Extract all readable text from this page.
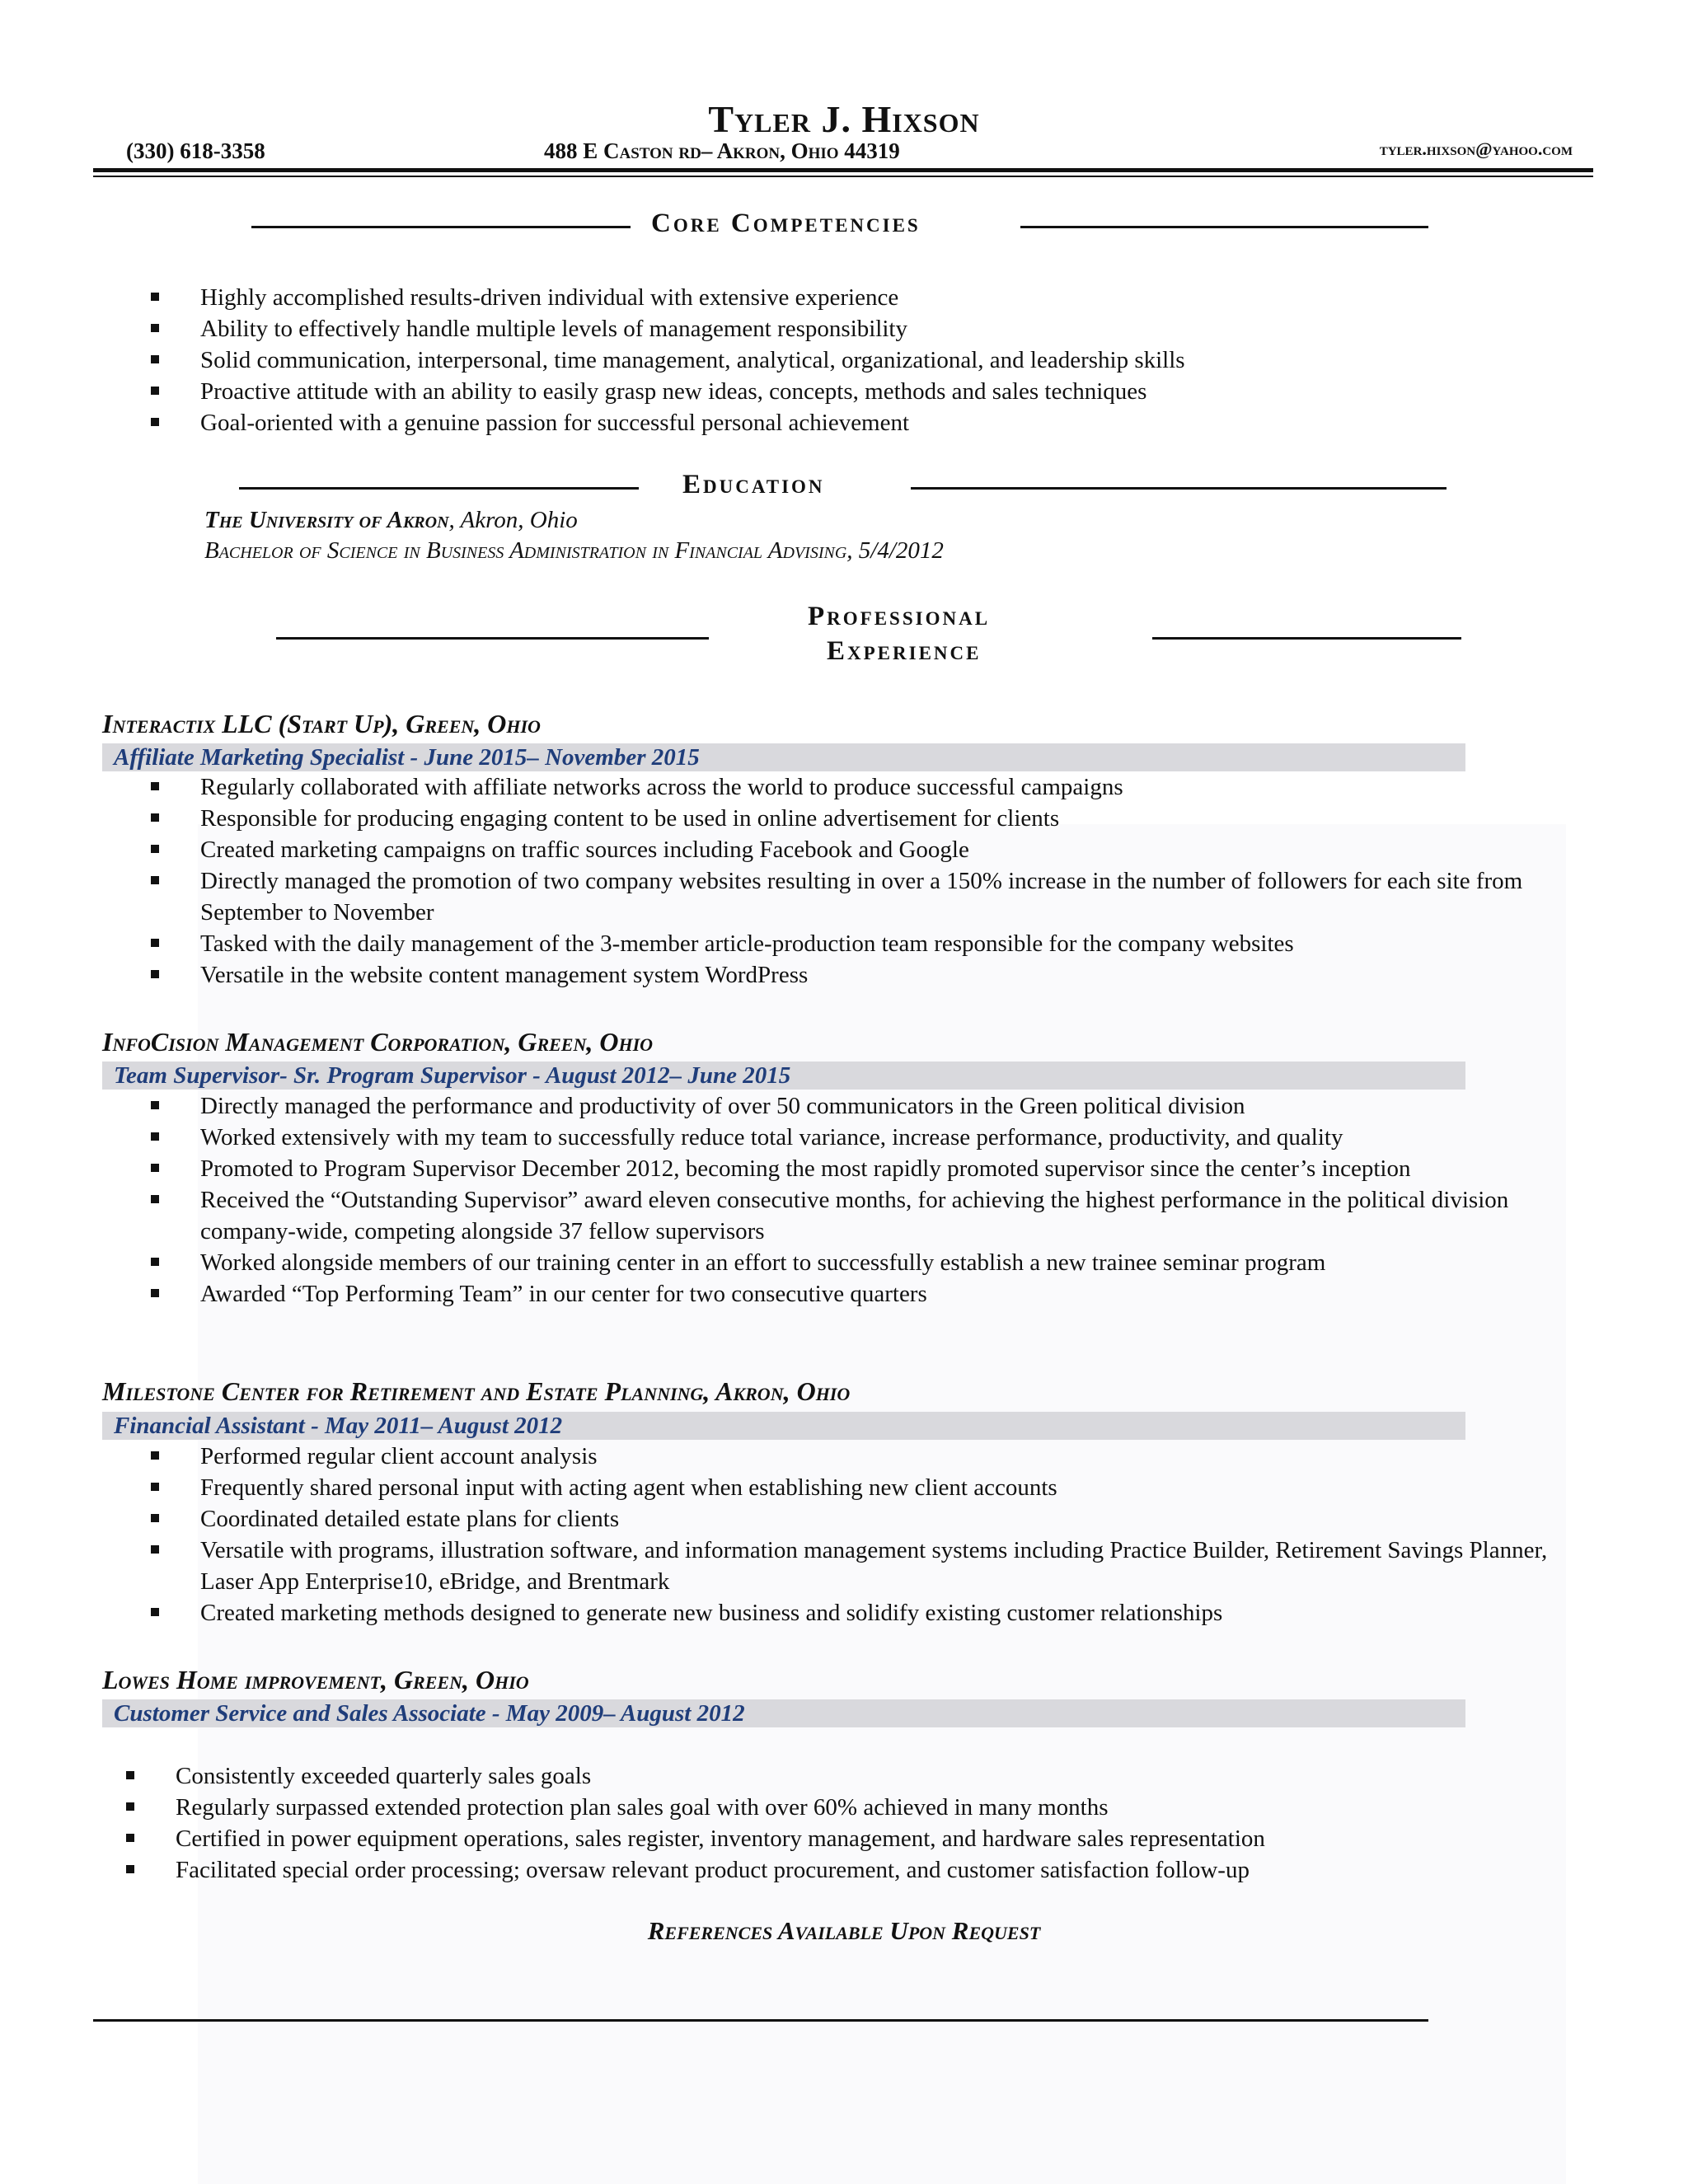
Tyler J. Hixson
(330) 618-3358	488 E Caston rd– Akron, Ohio 44319	tyler.hixson@yahoo.com
Core Competencies
Highly accomplished results-driven individual with extensive experience
Ability to effectively handle multiple levels of management responsibility
Solid communication, interpersonal, time management, analytical, organizational, and leadership skills
Proactive attitude with an ability to easily grasp new ideas, concepts, methods and sales techniques
Goal-oriented with a genuine passion for successful personal achievement
Education
The University of Akron, Akron, Ohio
Bachelor of Science in Business Administration in Financial Advising, 5/4/2012
Professional
Experience
Interactix LLC (Start Up), Green, Ohio
Affiliate Marketing Specialist - June 2015– November 2015
Regularly collaborated with affiliate networks across the world to produce successful campaigns
Responsible for producing engaging content to be used in online advertisement for clients
Created marketing campaigns on traffic sources including Facebook and Google
Directly managed the promotion of two company websites resulting in over a 150% increase in the number of followers for each site from September to November
Tasked with the daily management of the 3-member article-production team responsible for the company websites
Versatile in the website content management system WordPress
InfoCision Management Corporation, Green, Ohio
Team Supervisor- Sr. Program Supervisor - August 2012– June 2015
Directly managed the performance and productivity of over 50 communicators in the Green political division
Worked extensively with my team to successfully reduce total variance, increase performance, productivity, and quality
Promoted to Program Supervisor December 2012, becoming the most rapidly promoted supervisor since the center’s inception
Received the “Outstanding Supervisor” award eleven consecutive months, for achieving the highest performance in the political division company-wide, competing alongside 37 fellow supervisors
Worked alongside members of our training center in an effort to successfully establish a new trainee seminar program
Awarded “Top Performing Team” in our center for two consecutive quarters
Milestone Center for Retirement and Estate Planning, Akron, Ohio
Financial Assistant - May 2011– August 2012
Performed regular client account analysis
Frequently shared personal input with acting agent when establishing new client accounts
Coordinated detailed estate plans for clients
Versatile with programs, illustration software, and information management systems including Practice Builder, Retirement Savings Planner, Laser App Enterprise10, eBridge, and Brentmark
Created marketing methods designed to generate new business and solidify existing customer relationships
Lowes Home improvement, Green, Ohio
Customer Service and Sales Associate - May 2009– August 2012
Consistently exceeded quarterly sales goals
Regularly surpassed extended protection plan sales goal with over 60% achieved in many months
Certified in power equipment operations, sales register, inventory management, and hardware sales representation
Facilitated special order processing; oversaw relevant product procurement, and customer satisfaction follow-up
References Available Upon Request
